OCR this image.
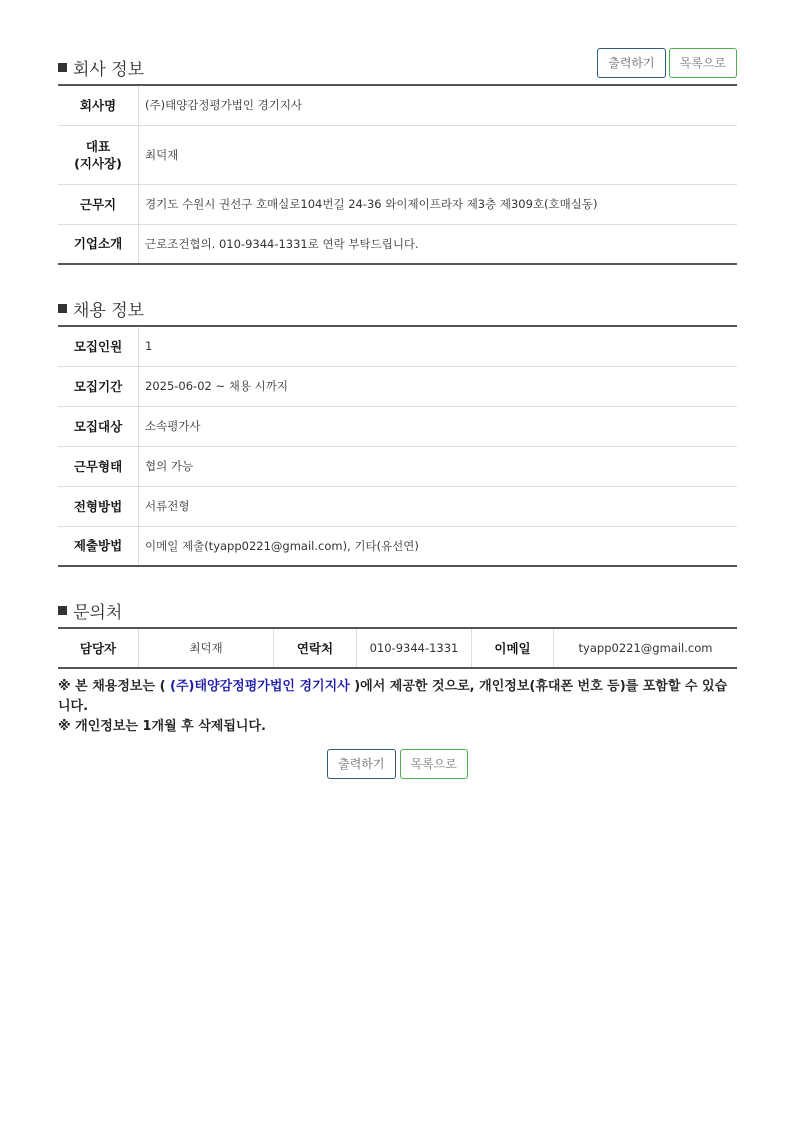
회사 정보	출력하기 목록으로
회사명	(주)태양감정평가법인 경기지사
대표
(지사장)	최덕재
근무지	경기도 수원시 권선구 호매실로104번길 24-36 와이제이프라자 제3층 제309호(호매실동)
기업소개	근로조건협의. 010-9344-1331로 연락 부탁드립니다.
채용 정보
모집인원	1
모집기간	2025-06-02 ~ 채용 시까지
모집대상	소속평가사
근무형태	협의 가능
전형방법	서류전형
제출방법	이메일 제출(tyapp0221@gmail.com), 기타(유선연)
문의처
담당자	최덕재	연락처	010-9344-1331	이메일	tyapp0221@gmail.com
※ 본 채용정보는 ( (주)태양감정평가법인 경기지사 )에서 제공한 것으로, 개인정보(휴대폰 번호 등)를 포함할 수 있습니다.
※ 개인정보는 1개월 후 삭제됩니다.
출력하기 목록으로
